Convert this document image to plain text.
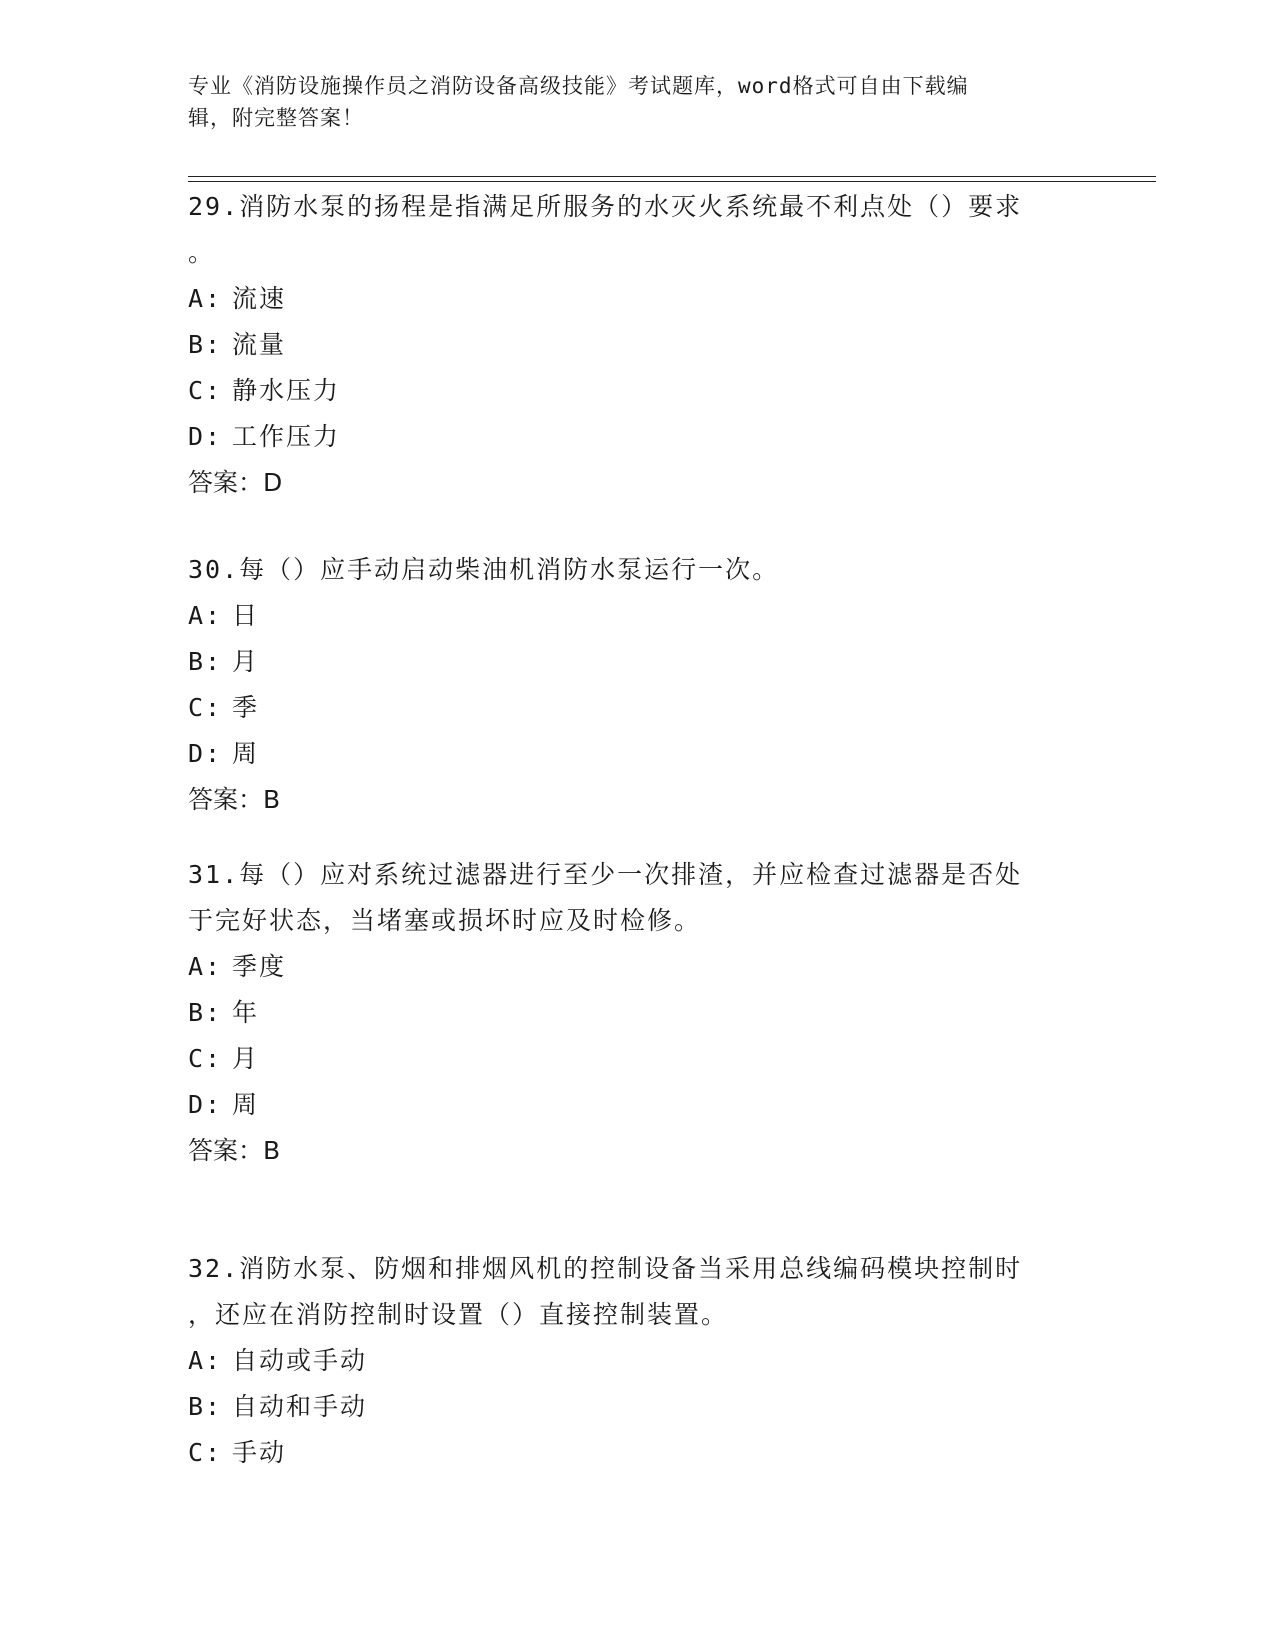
专业《消防设施操作员之消防设备高级技能》考试题库，word格式可自由下载编
辑，附完整答案！

29.消防水泵的扬程是指满足所服务的水灭火系统最不利点处（）要求

。

A: 流速

B: 流量

C: 静水压力

D: 工作压力

答案：D

30.每（）应手动启动柴油机消防水泵运行一次。

A: 日

B: 月

C: 季

D: 周

答案：B

31.每（）应对系统过滤器进行至少一次排渣，并应检查过滤器是否处

于完好状态，当堵塞或损坏时应及时检修。

A: 季度

B: 年

C: 月

D: 周

答案：B

32.消防水泵、防烟和排烟风机的控制设备当采用总线编码模块控制时

，还应在消防控制时设置（）直接控制装置。

A: 自动或手动

B: 自动和手动

C: 手动
